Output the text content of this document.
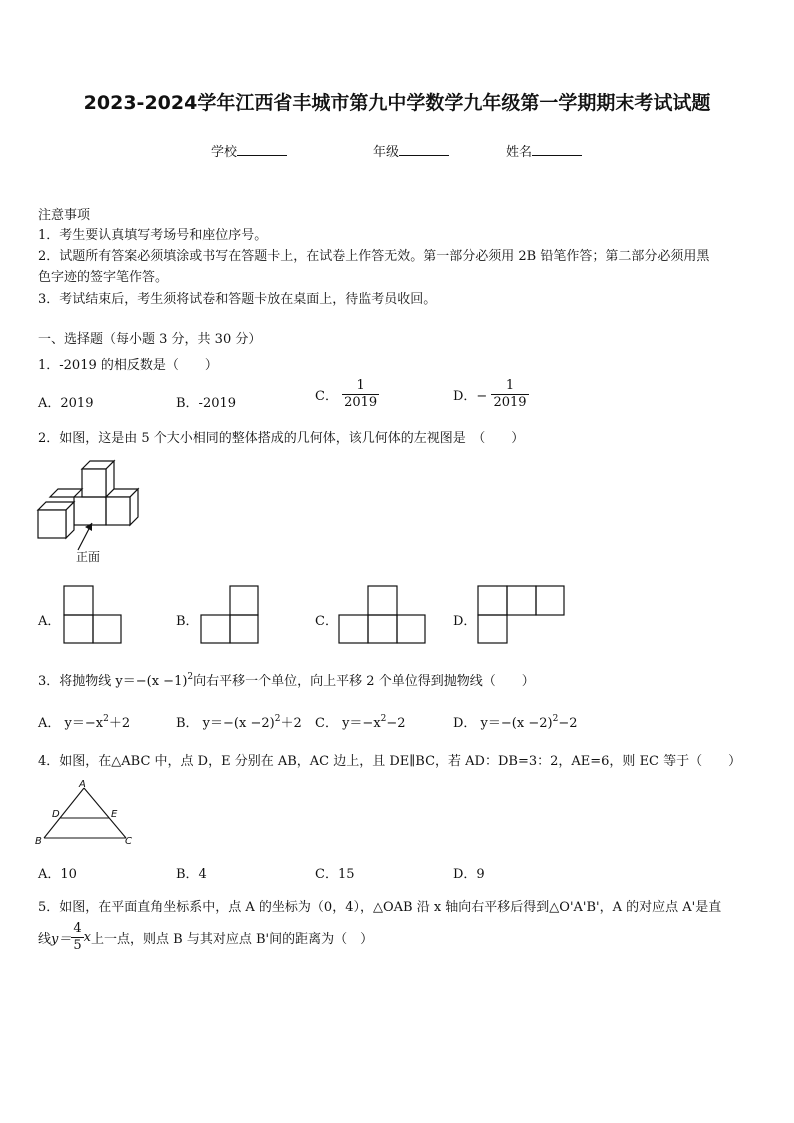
2023-2024学年江西省丰城市第九中学数学九年级第一学期期末考试试题
学校	年级	姓名
注意事项
1．考生要认真填写考场号和座位序号。
2．试题所有答案必须填涂或书写在答题卡上，在试卷上作答无效。第一部分必须用 2B 铅笔作答；第二部分必须用黑
色字迹的签字笔作答。
3．考试结束后，考生须将试卷和答题卡放在桌面上，待监考员收回。
一、选择题（每小题 3 分，共 30 分）
1．-2019 的相反数是（　　）
A．2019	B．-2019	C． $\frac{1}{2019}$	D．− $\frac{1}{2019}$
2．如图，这是由 5 个大小相同的整体搭成的几何体，该几何体的左视图是　（　　）
正面
A．	B．	C．	D．
3．将抛物线 $y=-(x -1)^2$向右平移一个单位，向上平移 2 个单位得到抛物线（　　）
A． $y=-x^2+2$	B． $y=-(x -2)^2+2$ C． $y=-x^2-2$	D． $y=-(x -2)^2-2$
4．如图，在△ABC 中，点 D，E 分别在 AB，AC 边上，且 DE∥BC，若 AD：DB=3：2，AE=6，则 EC 等于（　　）
A
B	C
D	E
A．10	B．4	C．15	D．9
5．如图，在平面直角坐标系中，点 A 的坐标为（0，4），△OAB 沿 x 轴向右平移后得到△O'A'B'，A 的对应点 A'是直
线$y= \frac{4}{5}$ x上一点，则点 B 与其对应点 B'间的距离为（　）
